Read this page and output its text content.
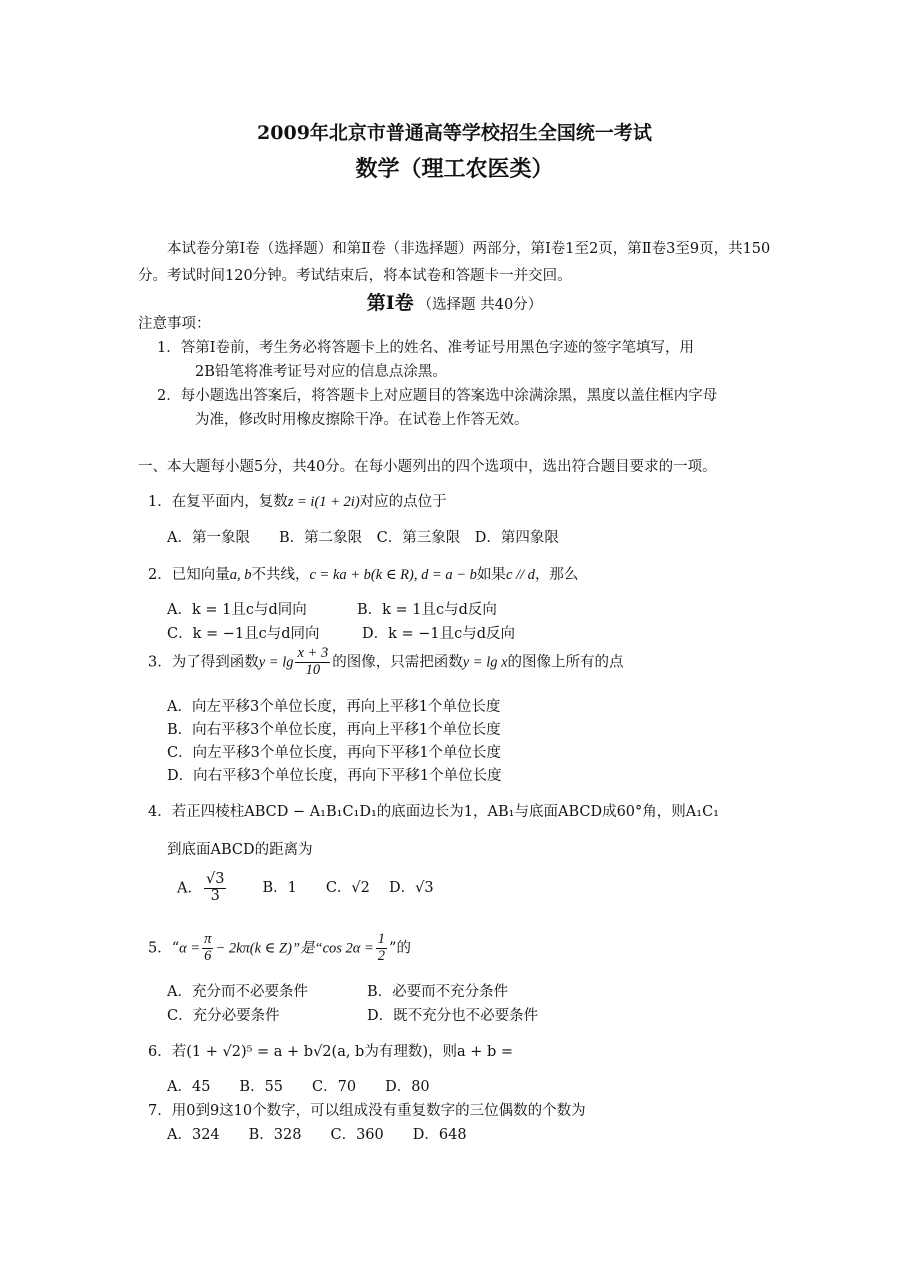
2009年北京市普通高等学校招生全国统一考试
数学（理工农医类）
本试卷分第Ⅰ卷（选择题）和第Ⅱ卷（非选择题）两部分，第Ⅰ卷1至2页，第Ⅱ卷3至9页，共150分。考试时间120分钟。考试结束后，将本试卷和答题卡一并交回。
第Ⅰ卷 （选择题 共40分）
注意事项：
1．答第Ⅰ卷前，考生务必将答题卡上的姓名、准考证号用黑色字迹的签字笔填写，用
2B铅笔将准考证号对应的信息点涂黑。
2．每小题选出答案后，将答题卡上对应题目的答案选中涂满涂黑，黑度以盖住框内字母
为准，修改时用橡皮擦除干净。在试卷上作答无效。
一、本大题每小题5分，共40分。在每小题列出的四个选项中，选出符合题目要求的一项。
1．在复平面内，复数z = i(1 + 2i)对应的点位于
A．第一象限　　B．第二象限　C．第三象限　D．第四象限
2．已知向量a, b不共线，c = ka + b(k ∈ R), d = a − b如果c // d，那么
A．k = 1且c与d同向	B．k = 1且c与d反向
C．k = −1且c与d同向	D．k = −1且c与d反向
3．为了得到函数$y = \lg \frac{x + 3}{10}$ 的图像，只需把函数y = lg x的图像上所有的点
A．向左平移3个单位长度，再向上平移1个单位长度
B．向右平移3个单位长度，再向上平移1个单位长度
C．向左平移3个单位长度，再向下平移1个单位长度
D．向右平移3个单位长度，再向下平移1个单位长度
4．若正四棱柱ABCD − A₁B₁C₁D₁的底面边长为1，AB₁与底面ABCD成60°角，则A₁C₁
到底面ABCD的距离为
A． $\frac{√3}{3}$ B．1　　C．√2　 D．√3
5．“$\alpha = \frac{\pi}{6} - 2k\pi(k$ ∈ Z)”是“cos $2\alpha = \frac{1}{2}$ ”的
A．充分而不必要条件	B．必要而不充分条件
C．充分必要条件	D．既不充分也不必要条件
6．若(1 + √2)⁵ = a + b√2(a, b为有理数)，则a + b =
A．45　　B．55　　C．70　　D．80
7．用0到9这10个数字，可以组成没有重复数字的三位偶数的个数为
A．324　　B．328　　C．360　　D．648
